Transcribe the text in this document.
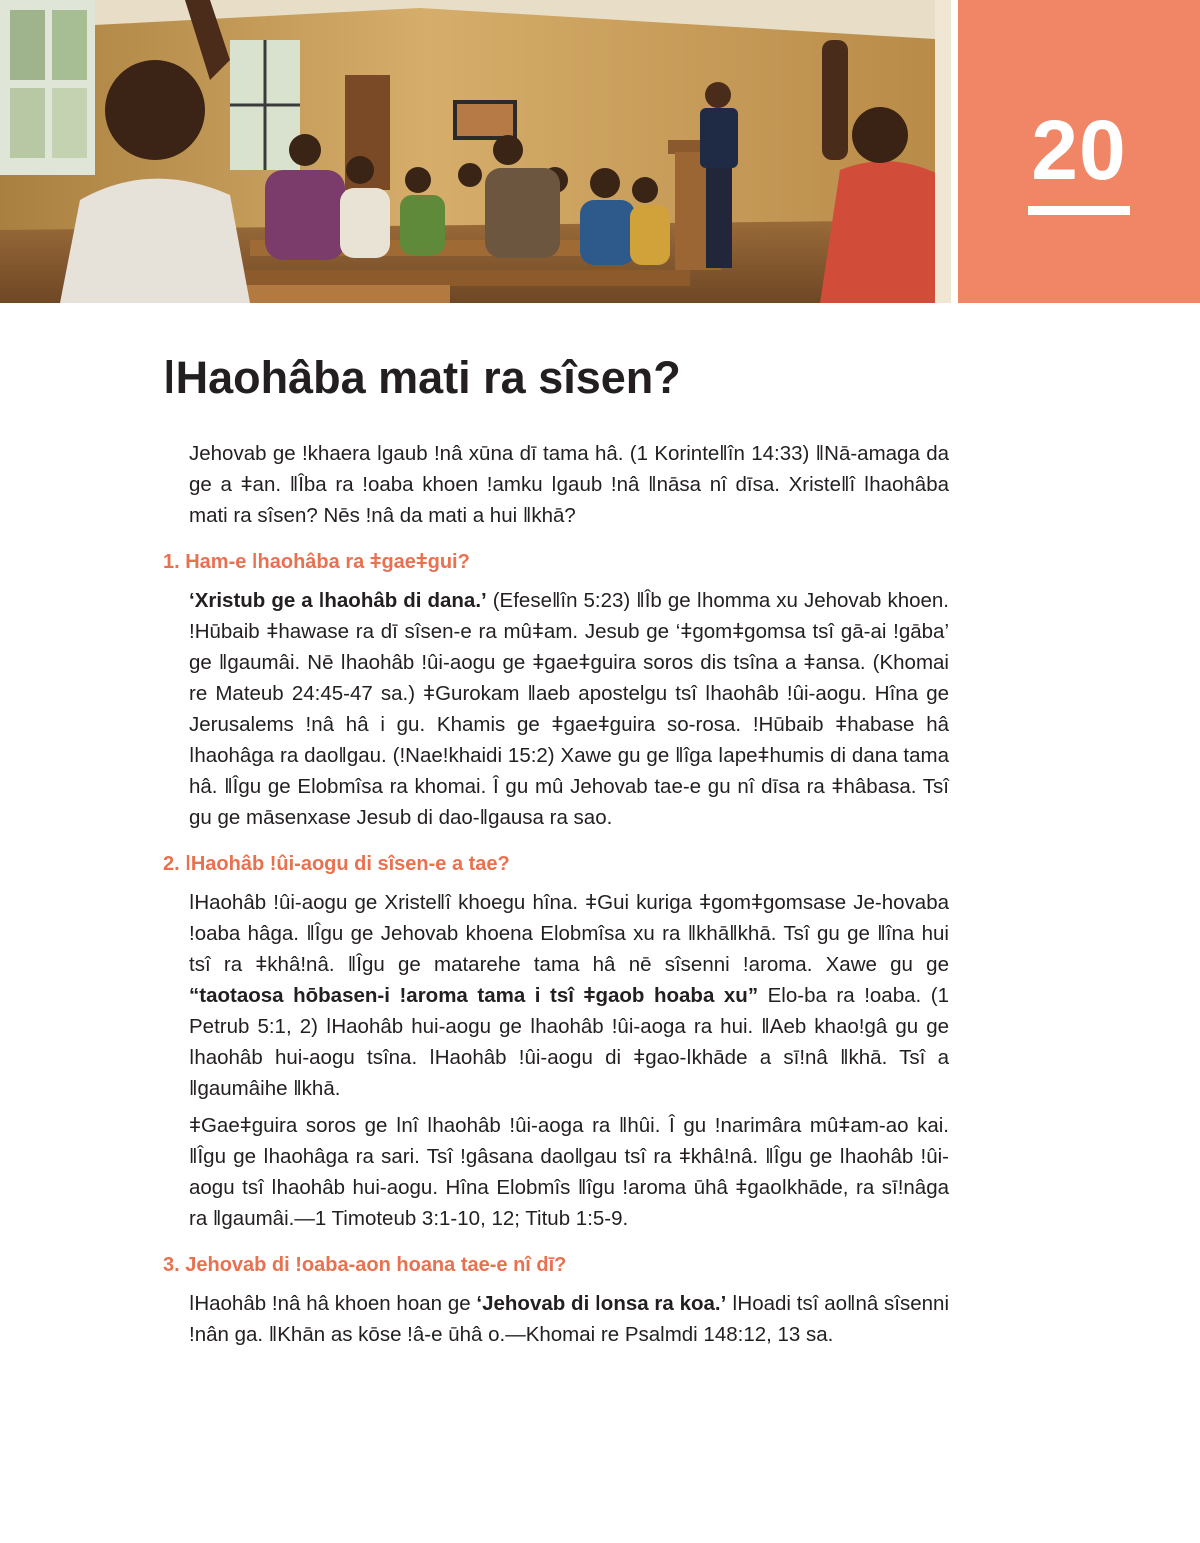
20
ǀHaohâba mati ra sîsen?

Jehovab ge ǃkhaera ǀgaub ǃnâ xūna dī tama hâ. (1 Korinteǁîn 14:33) ǁNā-amaga da ge a ǂan. ǁÎba ra ǃoaba khoen ǃamku ǀgaub ǃnâ ǁnāsa nî dīsa. Xristeǁî ǀhaohâba mati ra sîsen? Nēs ǃnâ da mati a hui ǁkhā?

1. Ham-e ǀhaohâba ra ǂgaeǂgui?

‘Xristub ge a ǀhaohâb di dana.’ (Efeseǁîn 5:23) ǁÎb ge ǀhomma xu Jehovab khoen. ǃHūbaib ǂhawase ra dī sîsen-e ra mûǂam. Jesub ge ‘ǂgomǂgomsa tsî gā-ai ǃgāba’ ge ǁgaumâi. Nē ǀhaohâb ǃûi-aogu ge ǂgaeǂguira soros dis tsîna a ǂansa. (Khomai re Mateub 24:45-47 sa.) ǂGurokam ǁaeb apostelgu tsî ǀhaohâb ǃûi-aogu. Hîna ge Jerusalems ǃnâ hâ i gu. Khamis ge ǂgaeǂguira so-rosa. ǃHūbaib ǂhabase hâ ǀhaohâga ra daoǁgau. (ǃNaeǃkhaidi 15:2) Xawe gu ge ǁîga ǀapeǂhumis di dana tama hâ. ǁÎgu ge Elobmîsa ra khomai. Î gu mû Jehovab tae-e gu nî dīsa ra ǂhâbasa. Tsî gu ge māsenxase Jesub di dao-ǁgausa ra sao.

2. ǀHaohâb ǃûi-aogu di sîsen-e a tae?

ǀHaohâb ǃûi-aogu ge Xristeǁî khoegu hîna. ǂGui kuriga ǂgomǂgomsase Je-hovaba ǃoaba hâga. ǁÎgu ge Jehovab khoena Elobmîsa xu ra ǁkhāǁkhā. Tsî gu ge ǁîna hui tsî ra ǂkhâǃnâ. ǁÎgu ge matarehe tama hâ nē sîsenni ǃaroma. Xawe gu ge “taotaosa hōbasen-i ǃaroma tama i tsî ǂgaob hoaba xu” Elo-ba ra ǃoaba. (1 Petrub 5:1, 2) ǀHaohâb hui-aogu ge ǀhaohâb ǃûi-aoga ra hui. ǁAeb khaoǃgâ gu ge ǀhaohâb hui-aogu tsîna. ǀHaohâb ǃûi-aogu di ǂgao-ǀkhāde a sīǃnâ ǁkhā. Tsî a ǁgaumâihe ǁkhā.

ǂGaeǂguira soros ge ǀnî ǀhaohâb ǃûi-aoga ra ǁhûi. Î gu ǃnarimâra mûǂam-ao kai. ǁÎgu ge ǀhaohâga ra sari. Tsî ǃgâsana daoǁgau tsî ra ǂkhâǃnâ. ǁÎgu ge ǀhaohâb ǃûi-aogu tsî ǀhaohâb hui-aogu. Hîna Elobmîs ǁîgu ǃaroma ūhâ ǂgaoǀkhāde, ra sīǃnâga ra ǁgaumâi.—1 Timoteub 3:1-10, 12; Titub 1:5-9.

3. Jehovab di ǃoaba-aon hoana tae-e nî dī?

ǀHaohâb ǃnâ hâ khoen hoan ge ‘Jehovab di ǀonsa ra koa.’ ǀHoadi tsî aoǁnâ sîsenni ǃnân ga. ǁKhān as kōse ǃâ-e ūhâ o.—Khomai re Psalmdi 148:12, 13 sa.
